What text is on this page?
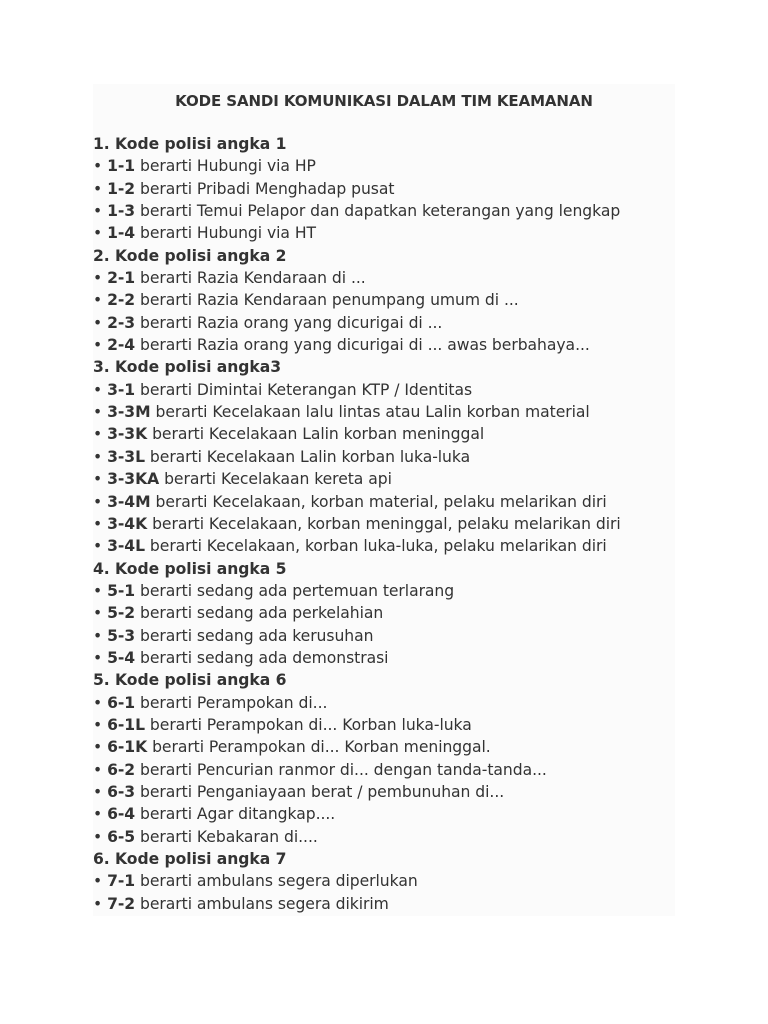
KODE SANDI KOMUNIKASI DALAM TIM KEAMANAN
1. Kode polisi angka 1
• 1-1 berarti Hubungi via HP
• 1-2 berarti Pribadi Menghadap pusat
• 1-3 berarti Temui Pelapor dan dapatkan keterangan yang lengkap
• 1-4 berarti Hubungi via HT
2. Kode polisi angka 2
• 2-1 berarti Razia Kendaraan di ...
• 2-2 berarti Razia Kendaraan penumpang umum di ...
• 2-3 berarti Razia orang yang dicurigai di ...
• 2-4 berarti Razia orang yang dicurigai di ... awas berbahaya...
3. Kode polisi angka3
• 3-1 berarti Dimintai Keterangan KTP / Identitas
• 3-3M berarti Kecelakaan lalu lintas atau Lalin korban material
• 3-3K berarti Kecelakaan Lalin korban meninggal
• 3-3L berarti Kecelakaan Lalin korban luka-luka
• 3-3KA berarti Kecelakaan kereta api
• 3-4M berarti Kecelakaan, korban material, pelaku melarikan diri
• 3-4K berarti Kecelakaan, korban meninggal, pelaku melarikan diri
• 3-4L berarti Kecelakaan, korban luka-luka, pelaku melarikan diri
4. Kode polisi angka 5
• 5-1 berarti sedang ada pertemuan terlarang
• 5-2 berarti sedang ada perkelahian
• 5-3 berarti sedang ada kerusuhan
• 5-4 berarti sedang ada demonstrasi
5. Kode polisi angka 6
• 6-1 berarti Perampokan di...
• 6-1L berarti Perampokan di... Korban luka-luka
• 6-1K berarti Perampokan di... Korban meninggal.
• 6-2 berarti Pencurian ranmor di... dengan tanda-tanda...
• 6-3 berarti Penganiayaan berat / pembunuhan di...
• 6-4 berarti Agar ditangkap....
• 6-5 berarti Kebakaran di....
6. Kode polisi angka 7
• 7-1 berarti ambulans segera diperlukan
• 7-2 berarti ambulans segera dikirim
